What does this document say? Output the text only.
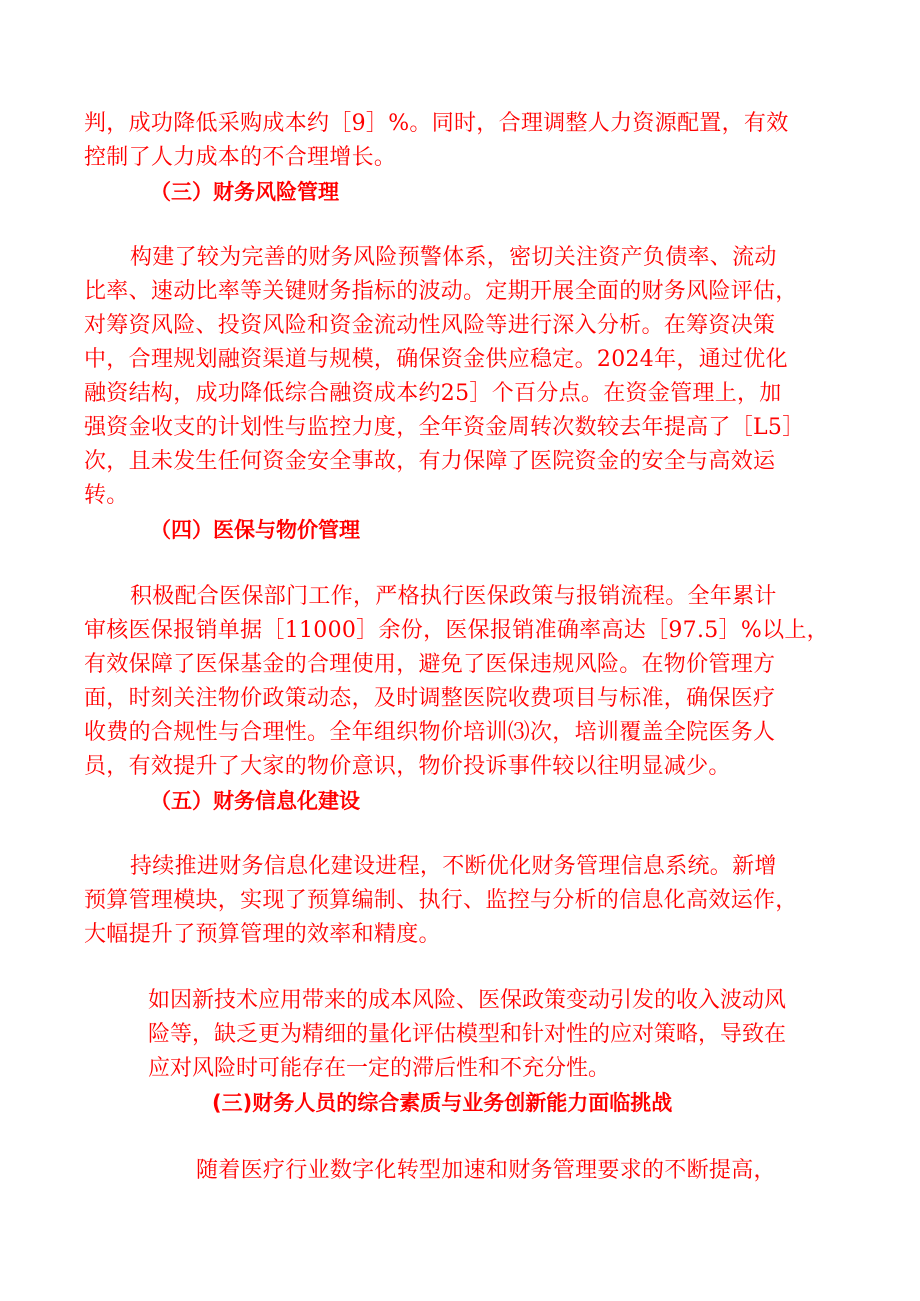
判，成功降低采购成本约［9］%。同时，合理调整人力资源配置，有效
控制了人力成本的不合理增长。
（三）财务风险管理
构建了较为完善的财务风险预警体系，密切关注资产负债率、流动
比率、速动比率等关键财务指标的波动。定期开展全面的财务风险评估，
对筹资风险、投资风险和资金流动性风险等进行深入分析。在筹资决策
中，合理规划融资渠道与规模，确保资金供应稳定。2024年，通过优化
融资结构，成功降低综合融资成本约25］个百分点。在资金管理上，加
强资金收支的计划性与监控力度，全年资金周转次数较去年提高了［L5］
次，且未发生任何资金安全事故，有力保障了医院资金的安全与高效运
转。
（四）医保与物价管理
积极配合医保部门工作，严格执行医保政策与报销流程。全年累计
审核医保报销单据［11000］余份，医保报销准确率高达［97.5］%以上，
有效保障了医保基金的合理使用，避免了医保违规风险。在物价管理方
面，时刻关注物价政策动态，及时调整医院收费项目与标准，确保医疗
收费的合规性与合理性。全年组织物价培训⑶次，培训覆盖全院医务人
员，有效提升了大家的物价意识，物价投诉事件较以往明显减少。
（五）财务信息化建设
持续推进财务信息化建设进程，不断优化财务管理信息系统。新增
预算管理模块，实现了预算编制、执行、监控与分析的信息化高效运作，
大幅提升了预算管理的效率和精度。
如因新技术应用带来的成本风险、医保政策变动引发的收入波动风
险等，缺乏更为精细的量化评估模型和针对性的应对策略，导致在
应对风险时可能存在一定的滞后性和不充分性。
(三)财务人员的综合素质与业务创新能力面临挑战
随着医疗行业数字化转型加速和财务管理要求的不断提高，
